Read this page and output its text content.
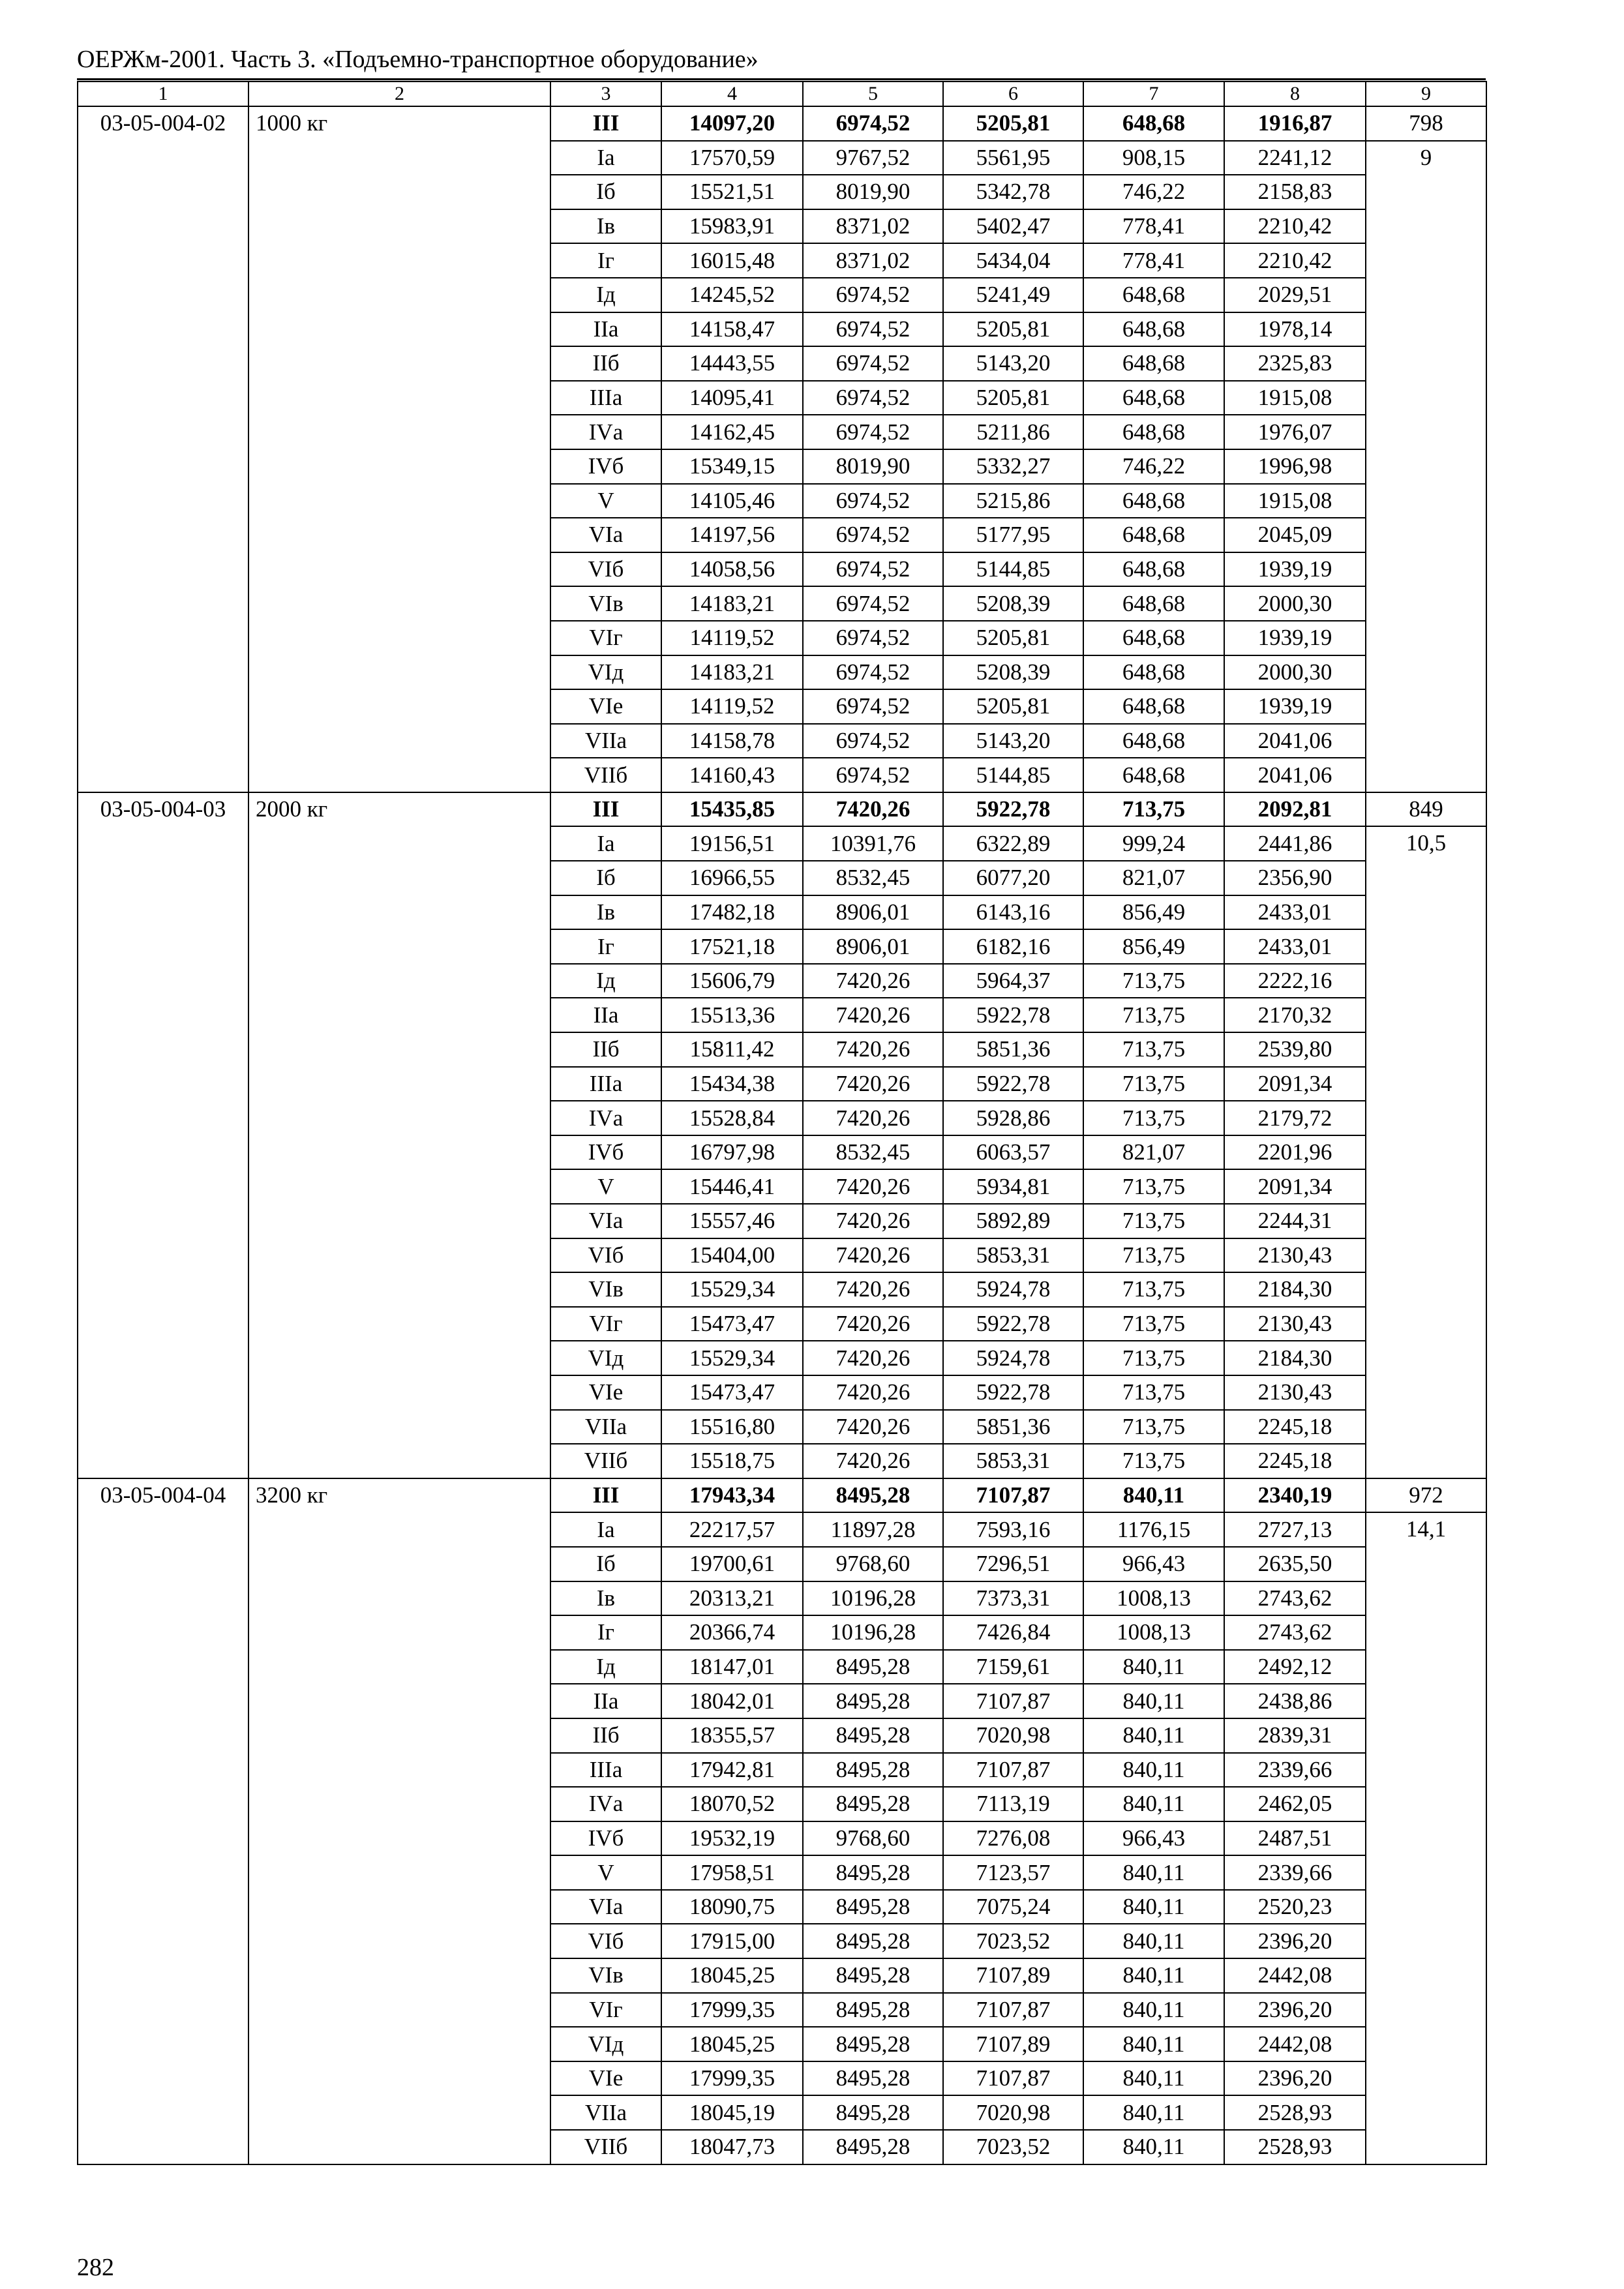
ОЕРЖм-2001. Часть 3. «Подъемно-транспортное оборудование»
1	2	3	4	5	6	7	8	9
03-05-004-02	1000 кг	III	14097,20	6974,52	5205,81	648,68	1916,87	798
		Iа	17570,59	9767,52	5561,95	908,15	2241,12	9
		Iб	15521,51	8019,90	5342,78	746,22	2158,83	
		Iв	15983,91	8371,02	5402,47	778,41	2210,42	
		Iг	16015,48	8371,02	5434,04	778,41	2210,42	
		Iд	14245,52	6974,52	5241,49	648,68	2029,51	
		IIа	14158,47	6974,52	5205,81	648,68	1978,14	
		IIб	14443,55	6974,52	5143,20	648,68	2325,83	
		IIIа	14095,41	6974,52	5205,81	648,68	1915,08	
		IVа	14162,45	6974,52	5211,86	648,68	1976,07	
		IVб	15349,15	8019,90	5332,27	746,22	1996,98	
		V	14105,46	6974,52	5215,86	648,68	1915,08	
		VIа	14197,56	6974,52	5177,95	648,68	2045,09	
		VIб	14058,56	6974,52	5144,85	648,68	1939,19	
		VIв	14183,21	6974,52	5208,39	648,68	2000,30	
		VIг	14119,52	6974,52	5205,81	648,68	1939,19	
		VIд	14183,21	6974,52	5208,39	648,68	2000,30	
		VIе	14119,52	6974,52	5205,81	648,68	1939,19	
		VIIа	14158,78	6974,52	5143,20	648,68	2041,06	
		VIIб	14160,43	6974,52	5144,85	648,68	2041,06	
03-05-004-03	2000 кг	III	15435,85	7420,26	5922,78	713,75	2092,81	849
		Iа	19156,51	10391,76	6322,89	999,24	2441,86	10,5
		Iб	16966,55	8532,45	6077,20	821,07	2356,90	
		Iв	17482,18	8906,01	6143,16	856,49	2433,01	
		Iг	17521,18	8906,01	6182,16	856,49	2433,01	
		Iд	15606,79	7420,26	5964,37	713,75	2222,16	
		IIа	15513,36	7420,26	5922,78	713,75	2170,32	
		IIб	15811,42	7420,26	5851,36	713,75	2539,80	
		IIIа	15434,38	7420,26	5922,78	713,75	2091,34	
		IVа	15528,84	7420,26	5928,86	713,75	2179,72	
		IVб	16797,98	8532,45	6063,57	821,07	2201,96	
		V	15446,41	7420,26	5934,81	713,75	2091,34	
		VIа	15557,46	7420,26	5892,89	713,75	2244,31	
		VIб	15404,00	7420,26	5853,31	713,75	2130,43	
		VIв	15529,34	7420,26	5924,78	713,75	2184,30	
		VIг	15473,47	7420,26	5922,78	713,75	2130,43	
		VIд	15529,34	7420,26	5924,78	713,75	2184,30	
		VIе	15473,47	7420,26	5922,78	713,75	2130,43	
		VIIа	15516,80	7420,26	5851,36	713,75	2245,18	
		VIIб	15518,75	7420,26	5853,31	713,75	2245,18	
03-05-004-04	3200 кг	III	17943,34	8495,28	7107,87	840,11	2340,19	972
		Iа	22217,57	11897,28	7593,16	1176,15	2727,13	14,1
		Iб	19700,61	9768,60	7296,51	966,43	2635,50	
		Iв	20313,21	10196,28	7373,31	1008,13	2743,62	
		Iг	20366,74	10196,28	7426,84	1008,13	2743,62	
		Iд	18147,01	8495,28	7159,61	840,11	2492,12	
		IIа	18042,01	8495,28	7107,87	840,11	2438,86	
		IIб	18355,57	8495,28	7020,98	840,11	2839,31	
		IIIа	17942,81	8495,28	7107,87	840,11	2339,66	
		IVа	18070,52	8495,28	7113,19	840,11	2462,05	
		IVб	19532,19	9768,60	7276,08	966,43	2487,51	
		V	17958,51	8495,28	7123,57	840,11	2339,66	
		VIа	18090,75	8495,28	7075,24	840,11	2520,23	
		VIб	17915,00	8495,28	7023,52	840,11	2396,20	
		VIв	18045,25	8495,28	7107,89	840,11	2442,08	
		VIг	17999,35	8495,28	7107,87	840,11	2396,20	
		VIд	18045,25	8495,28	7107,89	840,11	2442,08	
		VIе	17999,35	8495,28	7107,87	840,11	2396,20	
		VIIа	18045,19	8495,28	7020,98	840,11	2528,93	
		VIIб	18047,73	8495,28	7023,52	840,11	2528,93	
282
